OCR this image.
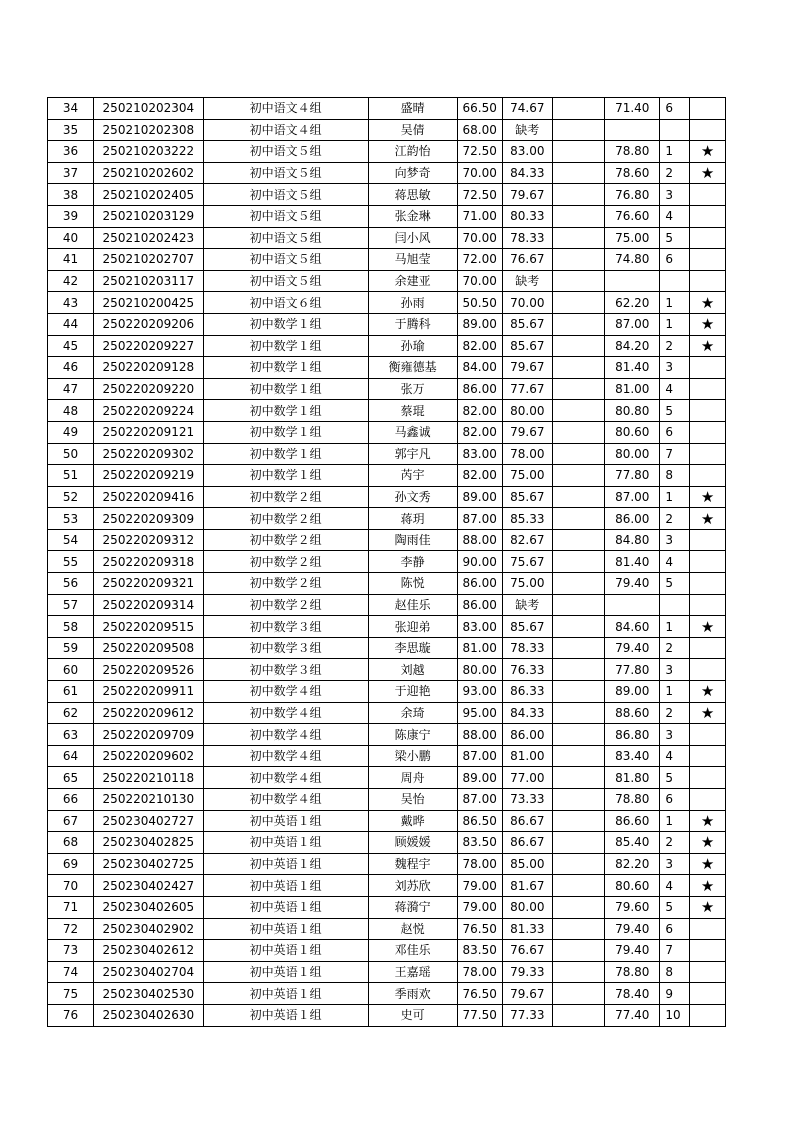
34	250210202304	初中语文４组	盛晴	66.50	74.67		71.40	6	
35	250210202308	初中语文４组	吴倩	68.00	缺考				
36	250210203222	初中语文５组	江韵怡	72.50	83.00		78.80	1	★
37	250210202602	初中语文５组	向梦奇	70.00	84.33		78.60	2	★
38	250210202405	初中语文５组	蒋思敏	72.50	79.67		76.80	3	
39	250210203129	初中语文５组	张金琳	71.00	80.33		76.60	4	
40	250210202423	初中语文５组	闫小风	70.00	78.33		75.00	5	
41	250210202707	初中语文５组	马旭莹	72.00	76.67		74.80	6	
42	250210203117	初中语文５组	余建亚	70.00	缺考				
43	250210200425	初中语文６组	孙雨	50.50	70.00		62.20	1	★
44	250220209206	初中数学１组	于腾科	89.00	85.67		87.00	1	★
45	250220209227	初中数学１组	孙瑜	82.00	85.67		84.20	2	★
46	250220209128	初中数学１组	衡雍德基	84.00	79.67		81.40	3	
47	250220209220	初中数学１组	张万	86.00	77.67		81.00	4	
48	250220209224	初中数学１组	蔡琨	82.00	80.00		80.80	5	
49	250220209121	初中数学１组	马鑫诚	82.00	79.67		80.60	6	
50	250220209302	初中数学１组	郭宇凡	83.00	78.00		80.00	7	
51	250220209219	初中数学１组	芮宇	82.00	75.00		77.80	8	
52	250220209416	初中数学２组	孙文秀	89.00	85.67		87.00	1	★
53	250220209309	初中数学２组	蒋玥	87.00	85.33		86.00	2	★
54	250220209312	初中数学２组	陶雨佳	88.00	82.67		84.80	3	
55	250220209318	初中数学２组	李静	90.00	75.67		81.40	4	
56	250220209321	初中数学２组	陈悦	86.00	75.00		79.40	5	
57	250220209314	初中数学２组	赵佳乐	86.00	缺考				
58	250220209515	初中数学３组	张迎弟	83.00	85.67		84.60	1	★
59	250220209508	初中数学３组	李思璇	81.00	78.33		79.40	2	
60	250220209526	初中数学３组	刘越	80.00	76.33		77.80	3	
61	250220209911	初中数学４组	于迎艳	93.00	86.33		89.00	1	★
62	250220209612	初中数学４组	余琦	95.00	84.33		88.60	2	★
63	250220209709	初中数学４组	陈康宁	88.00	86.00		86.80	3	
64	250220209602	初中数学４组	梁小鹏	87.00	81.00		83.40	4	
65	250220210118	初中数学４组	周舟	89.00	77.00		81.80	5	
66	250220210130	初中数学４组	吴怡	87.00	73.33		78.80	6	
67	250230402727	初中英语１组	戴晔	86.50	86.67		86.60	1	★
68	250230402825	初中英语１组	顾媛媛	83.50	86.67		85.40	2	★
69	250230402725	初中英语１组	魏程宇	78.00	85.00		82.20	3	★
70	250230402427	初中英语１组	刘苏欣	79.00	81.67		80.60	4	★
71	250230402605	初中英语１组	蒋漪宁	79.00	80.00		79.60	5	★
72	250230402902	初中英语１组	赵悦	76.50	81.33		79.40	6	
73	250230402612	初中英语１组	邓佳乐	83.50	76.67		79.40	7	
74	250230402704	初中英语１组	王嘉瑶	78.00	79.33		78.80	8	
75	250230402530	初中英语１组	季雨欢	76.50	79.67		78.40	9	
76	250230402630	初中英语１组	史可	77.50	77.33		77.40	10	
